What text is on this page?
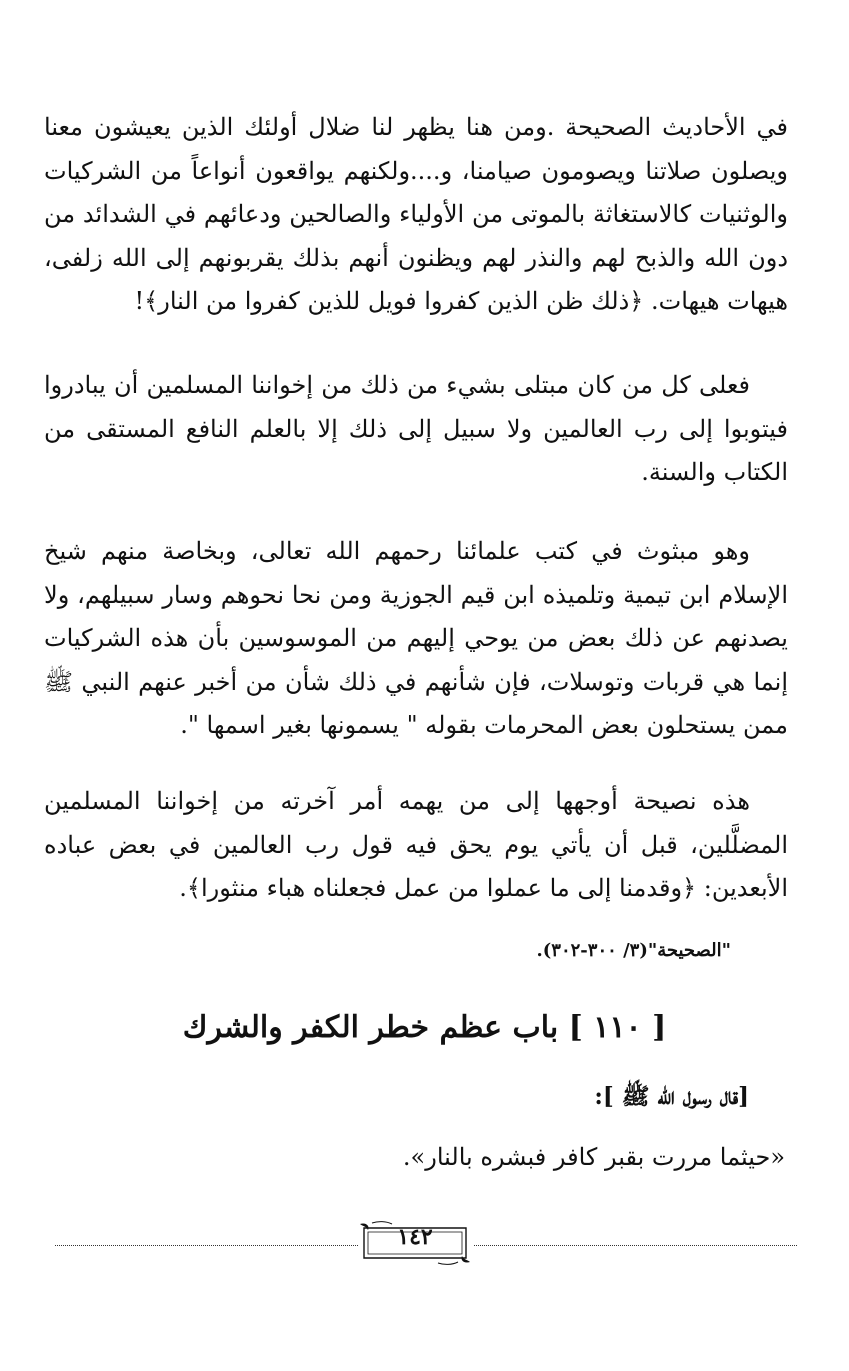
في الأحاديث الصحيحة .ومن هنا يظهر لنا ضلال أولئك الذين يعيشون معنا ويصلون صلاتنا ويصومون صيامنا، و....ولكنهم يواقعون أنواعاً من الشركيات والوثنيات كالاستغاثة بالموتى من الأولياء والصالحين ودعائهم في الشدائد من دون الله والذبح لهم والنذر لهم ويظنون أنهم بذلك يقربونهم إلى الله زلفى، هيهات هيهات. ﴿ذلك ظن الذين كفروا فويل للذين كفروا من النار﴾!
فعلى كل من كان مبتلى بشيء من ذلك من إخواننا المسلمين أن يبادروا فيتوبوا إلى رب العالمين ولا سبيل إلى ذلك إلا بالعلم النافع المستقى من الكتاب والسنة.
وهو مبثوث في كتب علمائنا رحمهم الله تعالى، وبخاصة منهم شيخ الإسلام ابن تيمية وتلميذه ابن قيم الجوزية ومن نحا نحوهم وسار سبيلهم، ولا يصدنهم عن ذلك بعض من يوحي إليهم من الموسوسين بأن هذه الشركيات إنما هي قربات وتوسلات، فإن شأنهم في ذلك شأن من أخبر عنهم النبي ﷺ ممن يستحلون بعض المحرمات بقوله " يسمونها بغير اسمها ".
هذه نصيحة أوجهها إلى من يهمه أمر آخرته من إخواننا المسلمين المضلَّلين، قبل أن يأتي يوم يحق فيه قول رب العالمين في بعض عباده الأبعدين: ﴿وقدمنا إلى ما عملوا من عمل فجعلناه هباء منثورا﴾.
"الصحيحة"(٣/ ٣٠٠-٣٠٢).
[ ١١٠ ] باب عظم خطر الكفر والشرك
[قال رسول الله ﷺ ]:
«حيثما مررت بقبر كافر فبشره بالنار».
١٤٢
